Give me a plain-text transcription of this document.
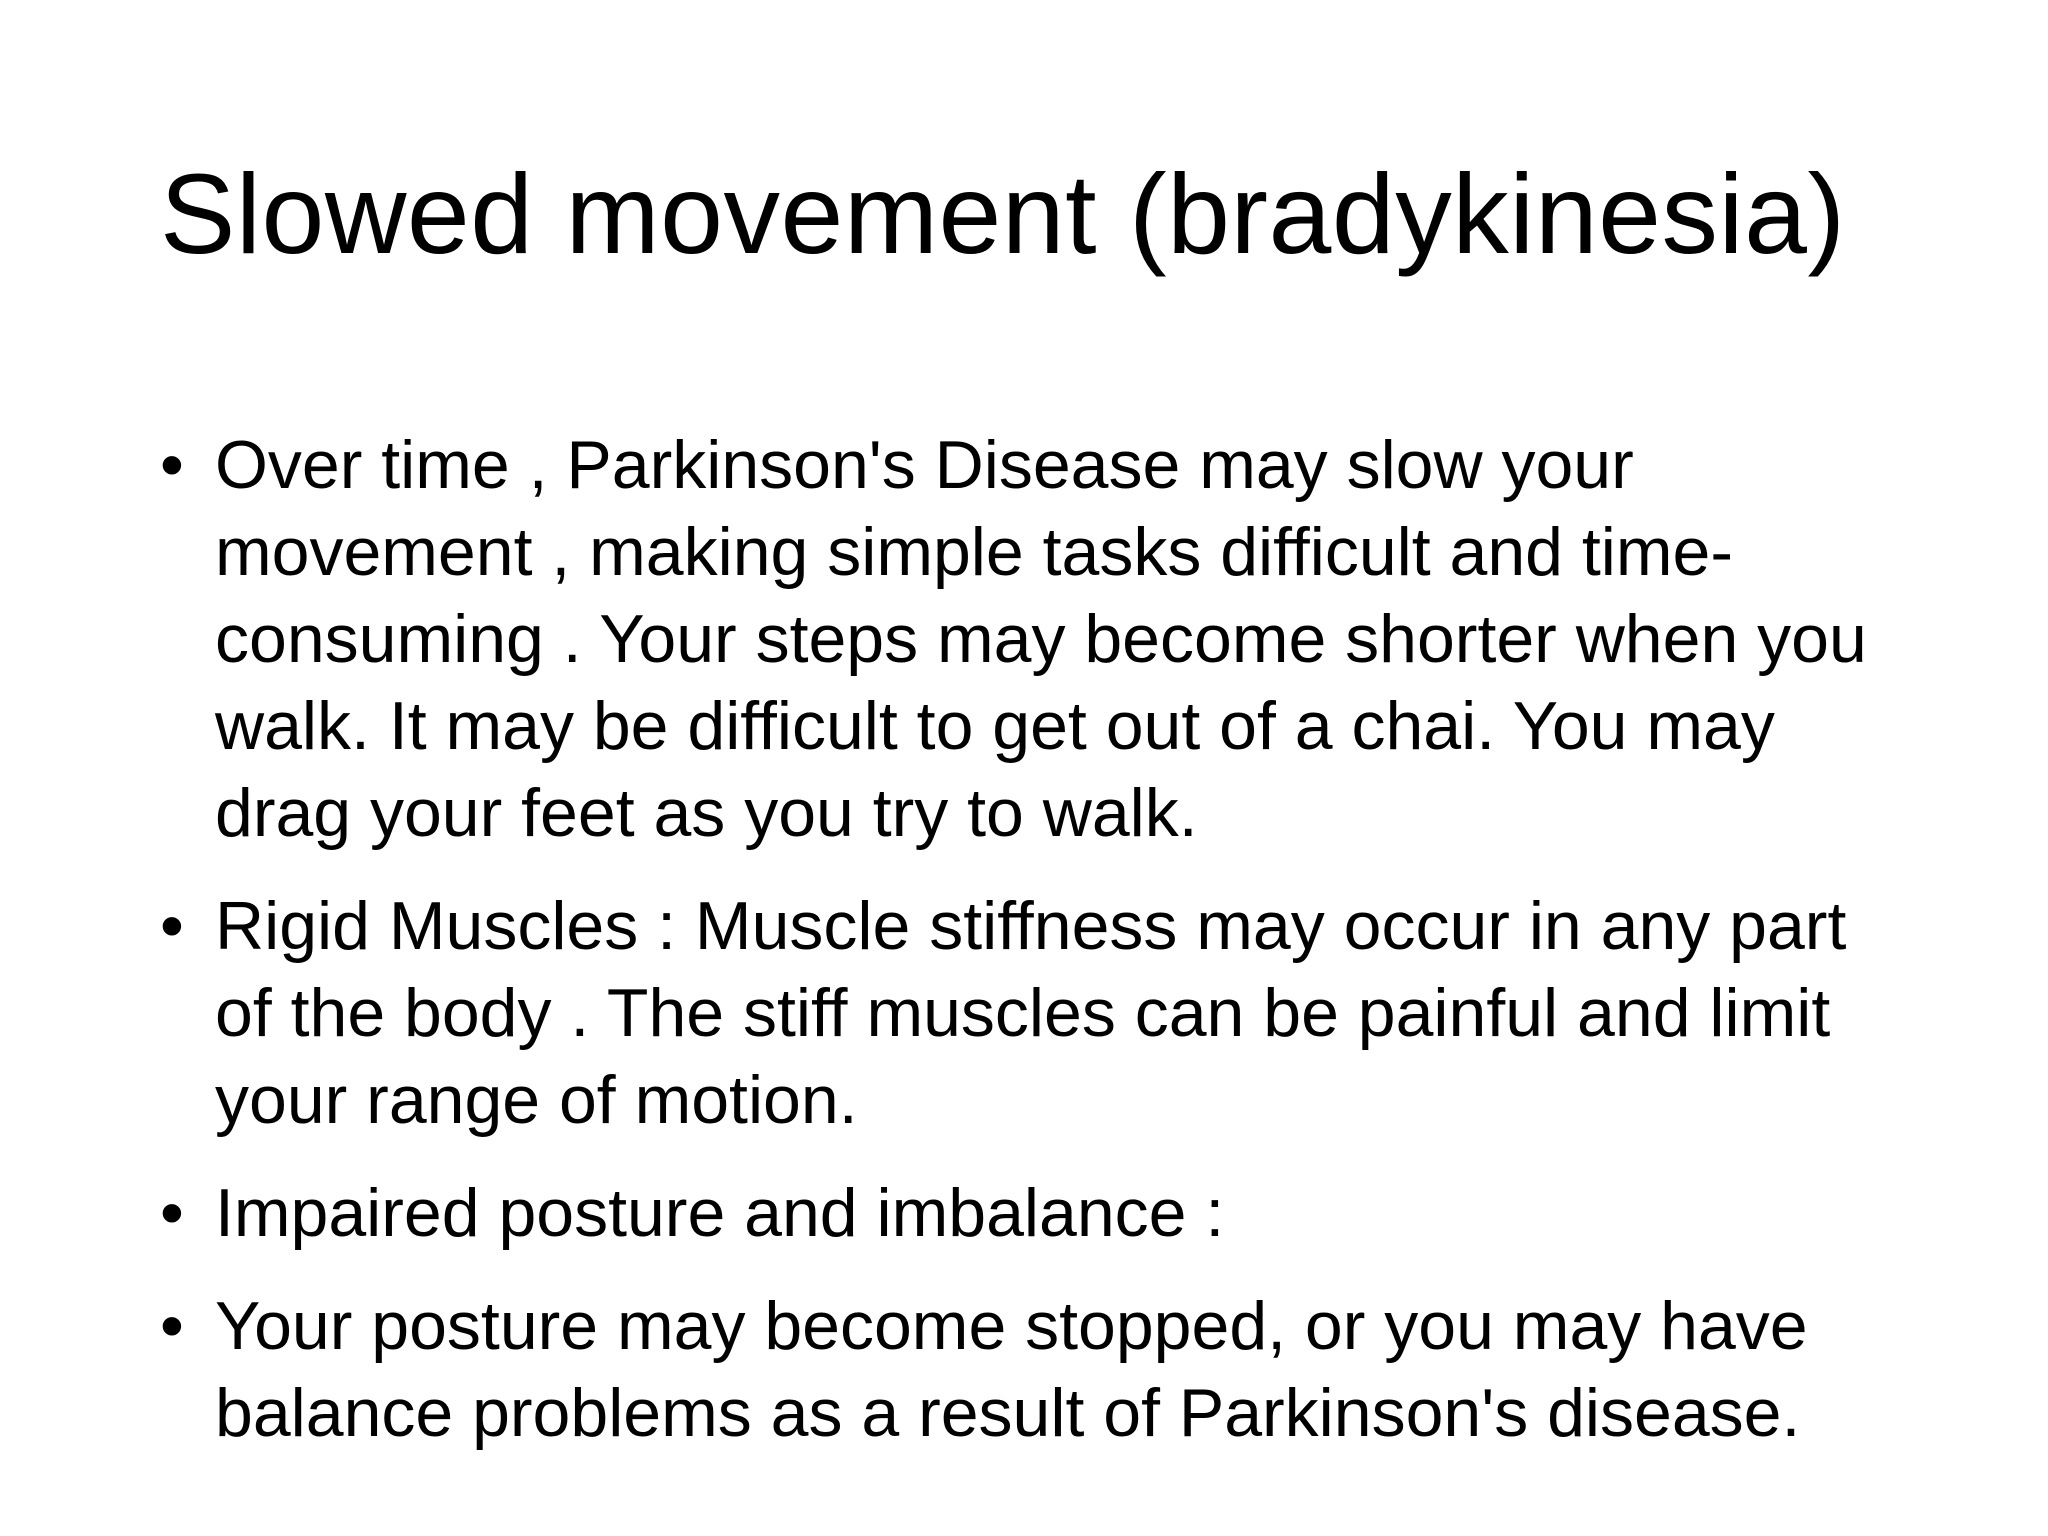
Slowed movement (bradykinesia)
• Over time , Parkinson's Disease may slow your movement , making simple tasks difficult and time-consuming . Your steps may become shorter when you walk. It may be difficult to get out of a chai. You may drag your feet as you try to walk.
• Rigid Muscles : Muscle stiffness may occur in any part of the body . The stiff muscles can be painful and limit your range of motion.
• Impaired posture and imbalance :
• Your posture may become stopped, or you may have balance problems as a result of Parkinson's disease.
